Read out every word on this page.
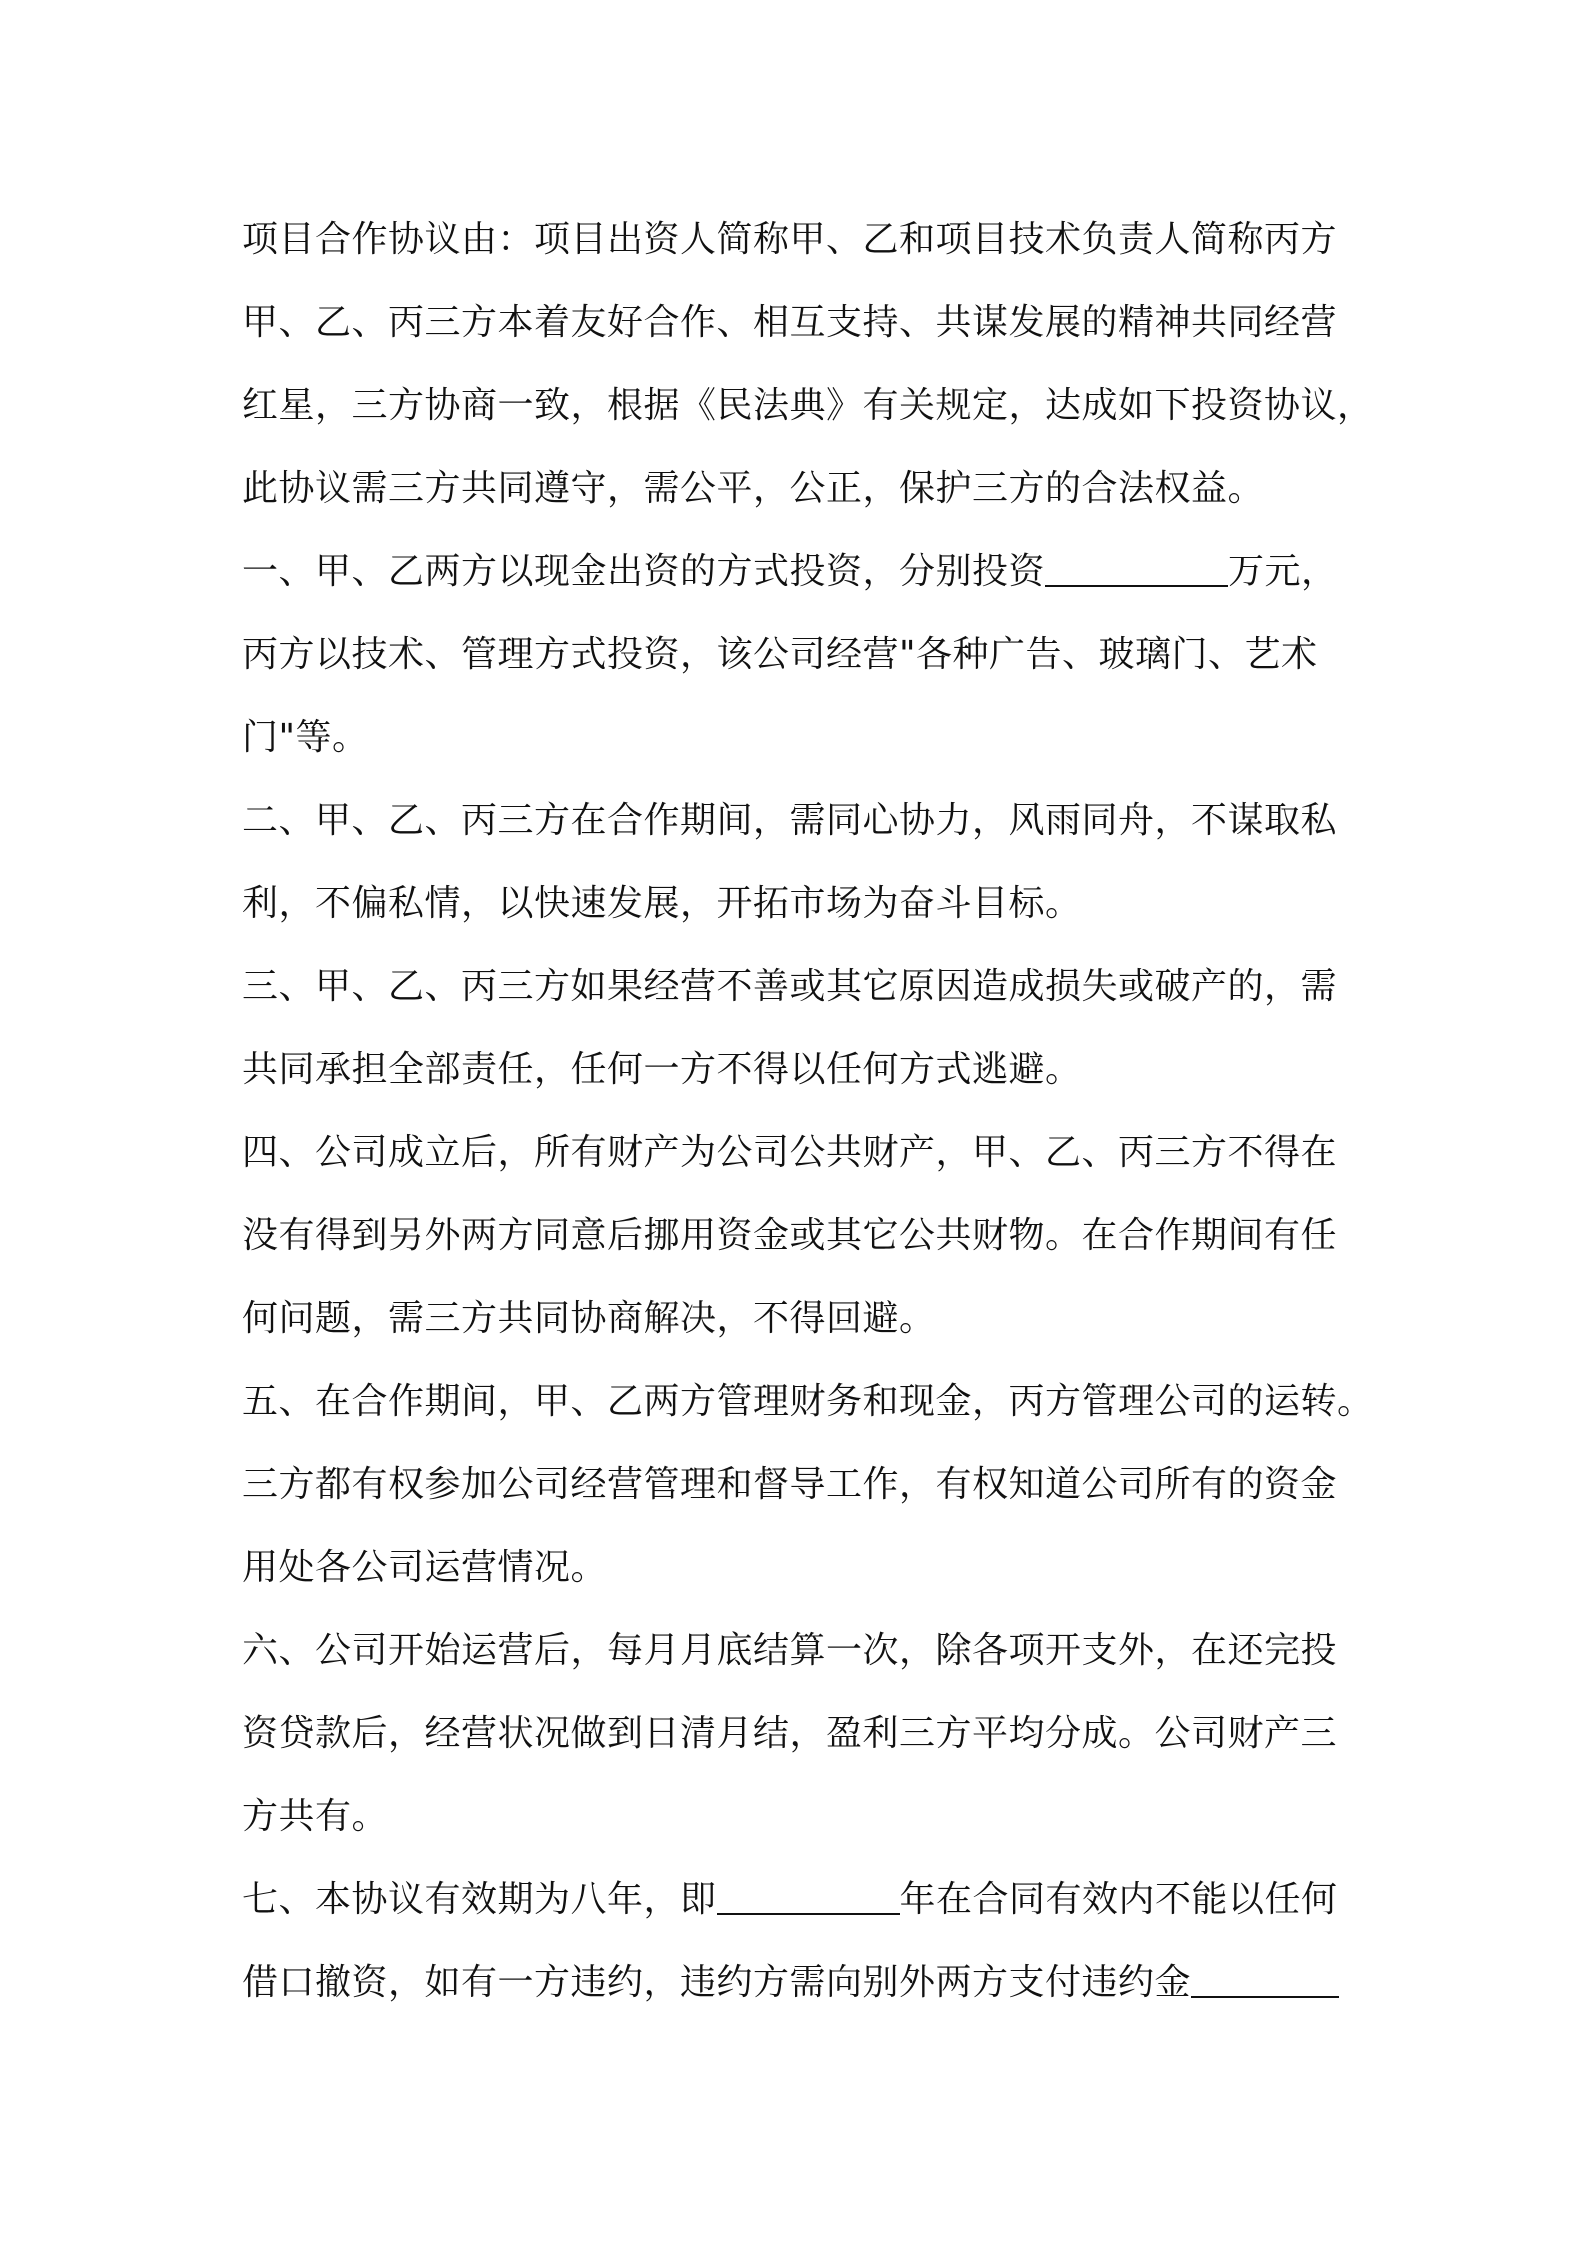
项目合作协议由：项目出资人简称甲、乙和项目技术负责人简称丙方
甲、乙、丙三方本着友好合作、相互支持、共谋发展的精神共同经营
红星，三方协商一致，根据《民法典》有关规定，达成如下投资协议，
此协议需三方共同遵守，需公平，公正，保护三方的合法权益。
一、甲、乙两方以现金出资的方式投资，分别投资	万元，
丙方以技术、管理方式投资，该公司经营"各种广告、玻璃门、艺术
门"等。
二、甲、乙、丙三方在合作期间，需同心协力，风雨同舟，不谋取私
利，不偏私情，以快速发展，开拓市场为奋斗目标。
三、甲、乙、丙三方如果经营不善或其它原因造成损失或破产的，需
共同承担全部责任，任何一方不得以任何方式逃避。
四、公司成立后，所有财产为公司公共财产，甲、乙、丙三方不得在
没有得到另外两方同意后挪用资金或其它公共财物。在合作期间有任
何问题，需三方共同协商解决，不得回避。
五、在合作期间，甲、乙两方管理财务和现金，丙方管理公司的运转。
三方都有权参加公司经营管理和督导工作，有权知道公司所有的资金
用处各公司运营情况。
六、公司开始运营后，每月月底结算一次，除各项开支外，在还完投
资贷款后，经营状况做到日清月结，盈利三方平均分成。公司财产三
方共有。
七、本协议有效期为八年，即	年在合同有效内不能以任何
借口撤资，如有一方违约，违约方需向别外两方支付违约金
